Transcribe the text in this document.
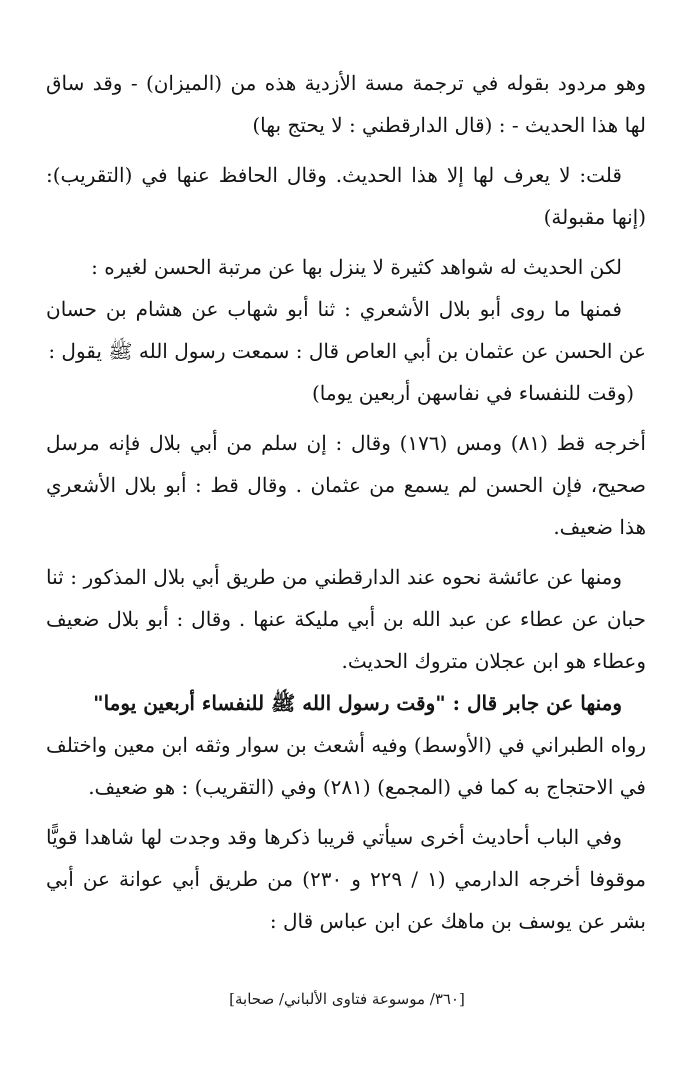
وهو مردود بقوله في ترجمة مسة الأزدية هذه من (الميزان) - وقد ساق لها هذا الحديث - : (قال الدارقطني : لا يحتج بها)

قلت: لا يعرف لها إلا هذا الحديث. وقال الحافظ عنها في (التقريب): (إنها مقبولة)

لكن الحديث له شواهد كثيرة لا ينزل بها عن مرتبة الحسن لغيره :

فمنها ما روى أبو بلال الأشعري : ثنا أبو شهاب عن هشام بن حسان عن الحسن عن عثمان بن أبي العاص قال : سمعت رسول الله ﷺ يقول :

(وقت للنفساء في نفاسهن أربعين يوما)

أخرجه قط (٨١) ومس (١٧٦) وقال : إن سلم من أبي بلال فإنه مرسل صحيح، فإن الحسن لم يسمع من عثمان . وقال قط : أبو بلال الأشعري هذا ضعيف.

ومنها عن عائشة نحوه عند الدارقطني من طريق أبي بلال المذكور : ثنا حبان عن عطاء عن عبد الله بن أبي مليكة عنها . وقال : أبو بلال ضعيف وعطاء هو ابن عجلان متروك الحديث.

ومنها عن جابر قال : "وقت رسول الله ﷺ للنفساء أربعين يوما"

رواه الطبراني في (الأوسط) وفيه أشعث بن سوار وثقه ابن معين واختلف في الاحتجاج به كما في (المجمع) (٢٨١) وفي (التقريب) : هو ضعيف.

وفي الباب أحاديث أخرى سيأتي قريبا ذكرها وقد وجدت لها شاهدا قويًّا موقوفا أخرجه الدارمي (١ / ٢٢٩ و ٢٣٠) من طريق أبي عوانة عن أبي بشر عن يوسف بن ماهك عن ابن عباس قال :

[٣٦٠/ موسوعة فتاوى الألباني/ صحابة]
